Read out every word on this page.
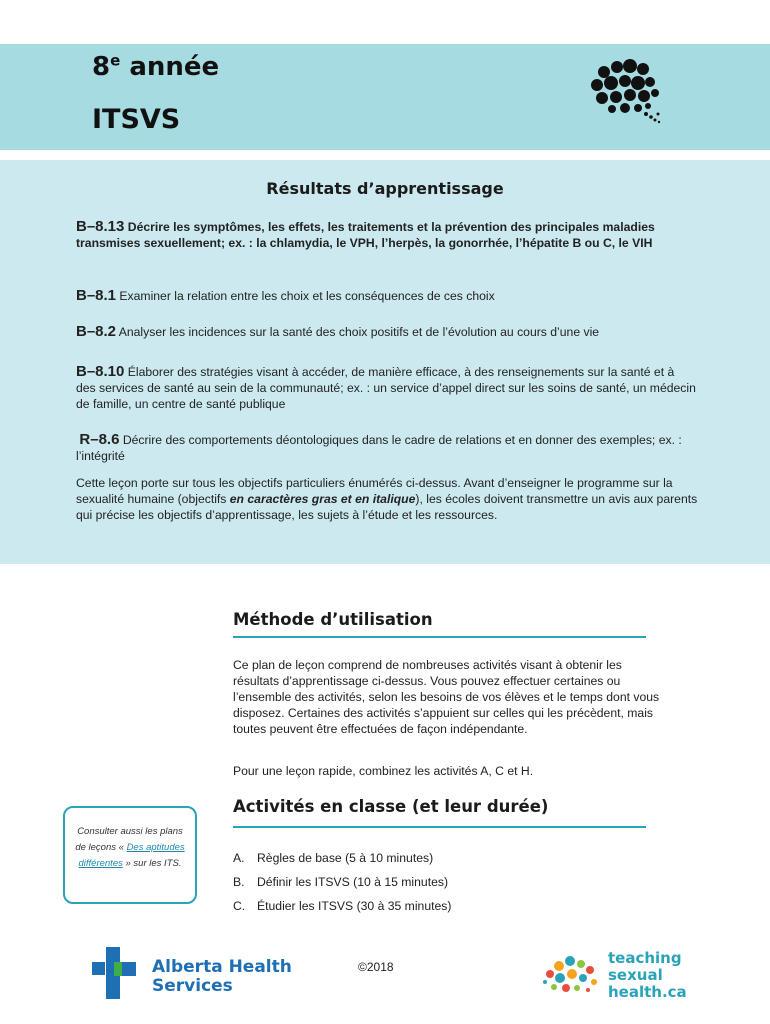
8e année
ITSVS
Résultats d’apprentissage
B–8.13 Décrire les symptômes, les effets, les traitements et la prévention des principales maladies transmises sexuellement; ex. : la chlamydia, le VPH, l’herpès, la gonorrhée, l’hépatite B ou C, le VIH
B–8.1 Examiner la relation entre les choix et les conséquences de ces choix
B–8.2 Analyser les incidences sur la santé des choix positifs et de l’évolution au cours d’une vie
B–8.10 Élaborer des stratégies visant à accéder, de manière efficace, à des renseignements sur la santé et à des services de santé au sein de la communauté; ex. : un service d’appel direct sur les soins de santé, un médecin de famille, un centre de santé publique
R–8.6 Décrire des comportements déontologiques dans le cadre de relations et en donner des exemples; ex. : l’intégrité
Cette leçon porte sur tous les objectifs particuliers énumérés ci-dessus. Avant d’enseigner le programme sur la sexualité humaine (objectifs en caractères gras et en italique), les écoles doivent transmettre un avis aux parents qui précise les objectifs d’apprentissage, les sujets à l’étude et les ressources.
Méthode d’utilisation
Ce plan de leçon comprend de nombreuses activités visant à obtenir les résultats d’apprentissage ci-dessus. Vous pouvez effectuer certaines ou l’ensemble des activités, selon les besoins de vos élèves et le temps dont vous disposez. Certaines des activités s’appuient sur celles qui les précèdent, mais toutes peuvent être effectuées de façon indépendante.
Pour une leçon rapide, combinez les activités A, C et H.
Consulter aussi les plans de leçons « Des aptitudes différentes » sur les ITS.
Activités en classe (et leur durée)
A. Règles de base (5 à 10 minutes)
B. Définir les ITSVS (10 à 15 minutes)
C. Étudier les ITSVS (30 à 35 minutes)
Alberta Health
Services
©2018	teaching
sexual
health.ca
